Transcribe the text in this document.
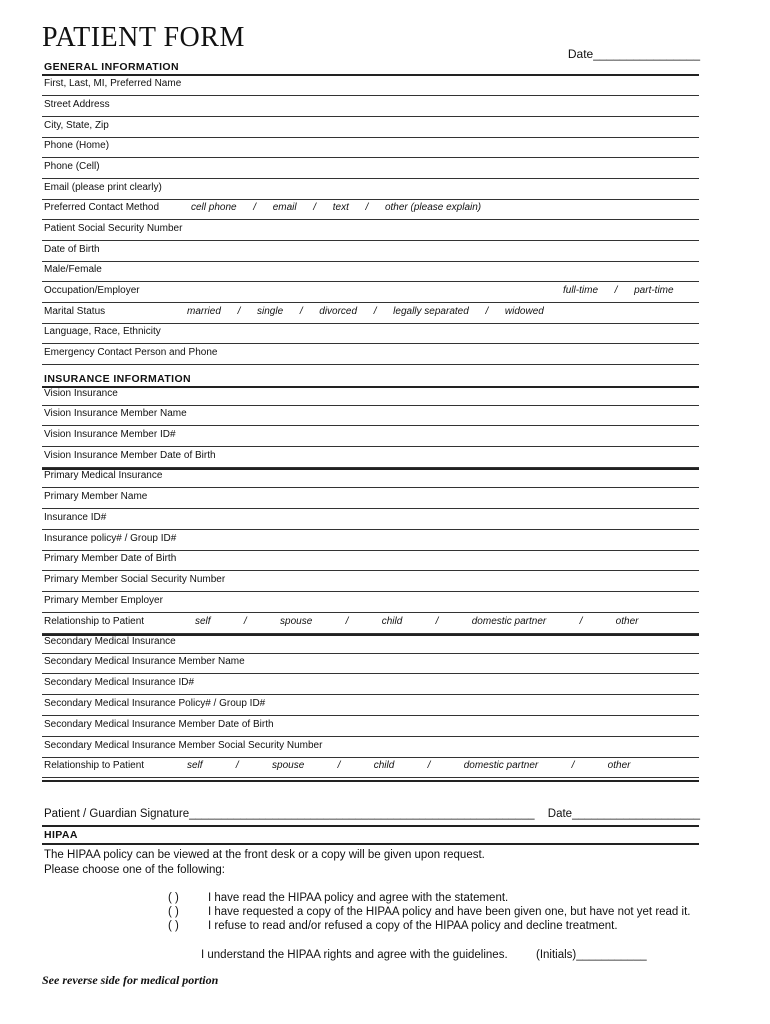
PATIENT FORM
Date________________
GENERAL INFORMATION
First, Last, MI, Preferred Name
Street Address
City, State, Zip
Phone (Home)
Phone (Cell)
Email (please print clearly)
Preferred Contact Method	cell phone      /      email      /      text      /      other (please explain)
Patient Social Security Number
Date of Birth
Male/Female
Occupation/Employer	full-time      /      part-time
Marital Status	married      /      single      /      divorced      /      legally separated      /      widowed
Language, Race, Ethnicity
Emergency Contact Person and Phone
INSURANCE INFORMATION
Vision Insurance
Vision Insurance Member Name
Vision Insurance Member ID#
Vision Insurance Member Date of Birth
Primary Medical Insurance
Primary Member Name
Insurance ID#
Insurance policy# / Group ID#
Primary Member Date of Birth
Primary Member Social Security Number
Primary Member Employer
Relationship to Patient	self            /            spouse            /            child            /            domestic partner            /            other
Secondary Medical Insurance
Secondary Medical Insurance Member Name
Secondary Medical Insurance ID#
Secondary Medical Insurance Policy# / Group ID#
Secondary Medical Insurance Member Date of Birth
Secondary Medical Insurance Member Social Security Number
Relationship to Patient	self            /            spouse            /            child            /            domestic partner            /            other
Patient / Guardian Signature______________________________________________________ Date____________________
HIPAA
The HIPAA policy can be viewed at the front desk or a copy will be given upon request.
Please choose one of the following:
( )	I have read the HIPAA policy and agree with the statement.
( )	I have requested a copy of the HIPAA policy and have been given one, but have not yet read it.
( )	I refuse to read and/or refused a copy of the HIPAA policy and decline treatment.
I understand the HIPAA rights and agree with the guidelines. (Initials)___________
See reverse side for medical portion
